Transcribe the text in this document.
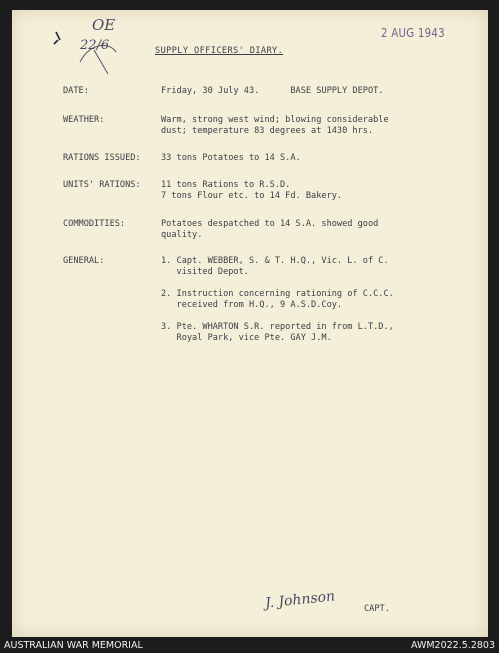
OE
22/6
2 AUG 1943
SUPPLY OFFICERS' DIARY.
DATE:	Friday, 30 July 43.      BASE SUPPLY DEPOT.
WEATHER:	Warm, strong west wind; blowing considerable
dust; temperature 83 degrees at 1430 hrs.
RATIONS ISSUED: 33 tons Potatoes to 14 S.A.
UNITS' RATIONS: 11 tons Rations to R.S.D.
7 tons Flour etc. to 14 Fd. Bakery.
COMMODITIES:	Potatoes despatched to 14 S.A. showed good
quality.
GENERAL:	1. Capt. WEBBER, S. & T. H.Q., Vic. L. of C.
visited Depot.

2. Instruction concerning rationing of C.C.C.
received from H.Q., 9 A.S.D.Coy.

3. Pte. WHARTON S.R. reported in from L.T.D.,
Royal Park, vice Pte. GAY J.M.
J. Johnson	CAPT.
AUSTRALIAN WAR MEMORIAL	AWM2022.5.2803
